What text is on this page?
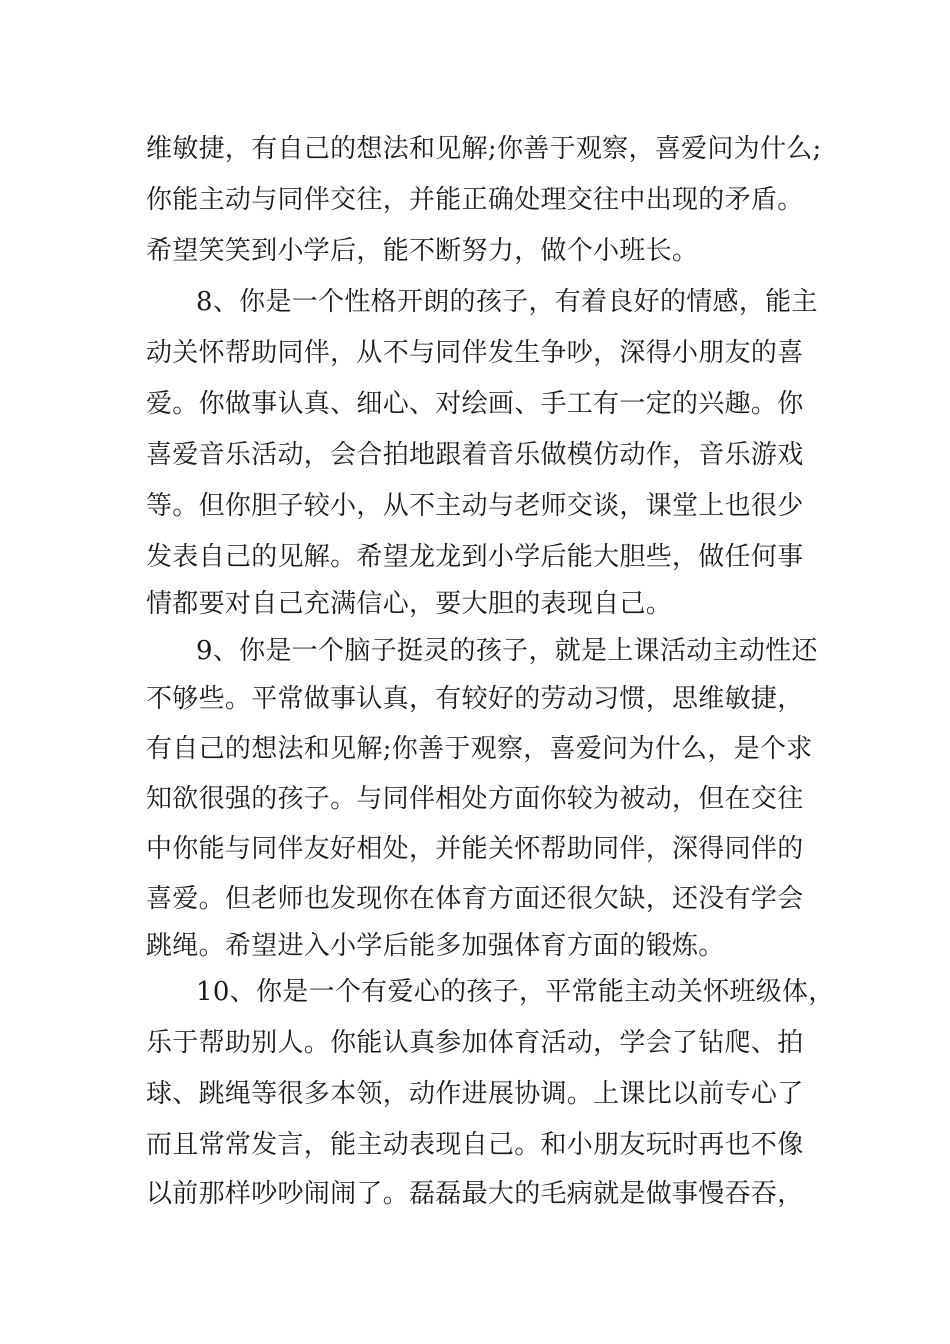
维敏捷，有自己的想法和见解;你善于观察，喜爱问为什么;
你能主动与同伴交往，并能正确处理交往中出现的矛盾。
希望笑笑到小学后，能不断努力，做个小班长。
8、你是一个性格开朗的孩子，有着良好的情感，能主
动关怀帮助同伴，从不与同伴发生争吵，深得小朋友的喜
爱。你做事认真、细心、对绘画、手工有一定的兴趣。你
喜爱音乐活动，会合拍地跟着音乐做模仿动作，音乐游戏
等。但你胆子较小，从不主动与老师交谈，课堂上也很少
发表自己的见解。希望龙龙到小学后能大胆些，做任何事
情都要对自己充满信心，要大胆的表现自己。
9、你是一个脑子挺灵的孩子，就是上课活动主动性还
不够些。平常做事认真，有较好的劳动习惯，思维敏捷，
有自己的想法和见解;你善于观察，喜爱问为什么，是个求
知欲很强的孩子。与同伴相处方面你较为被动，但在交往
中你能与同伴友好相处，并能关怀帮助同伴，深得同伴的
喜爱。但老师也发现你在体育方面还很欠缺，还没有学会
跳绳。希望进入小学后能多加强体育方面的锻炼。
10、你是一个有爱心的孩子，平常能主动关怀班级体，
乐于帮助别人。你能认真参加体育活动，学会了钻爬、拍
球、跳绳等很多本领，动作进展协调。上课比以前专心了
而且常常发言，能主动表现自己。和小朋友玩时再也不像
以前那样吵吵闹闹了。磊磊最大的毛病就是做事慢吞吞，
